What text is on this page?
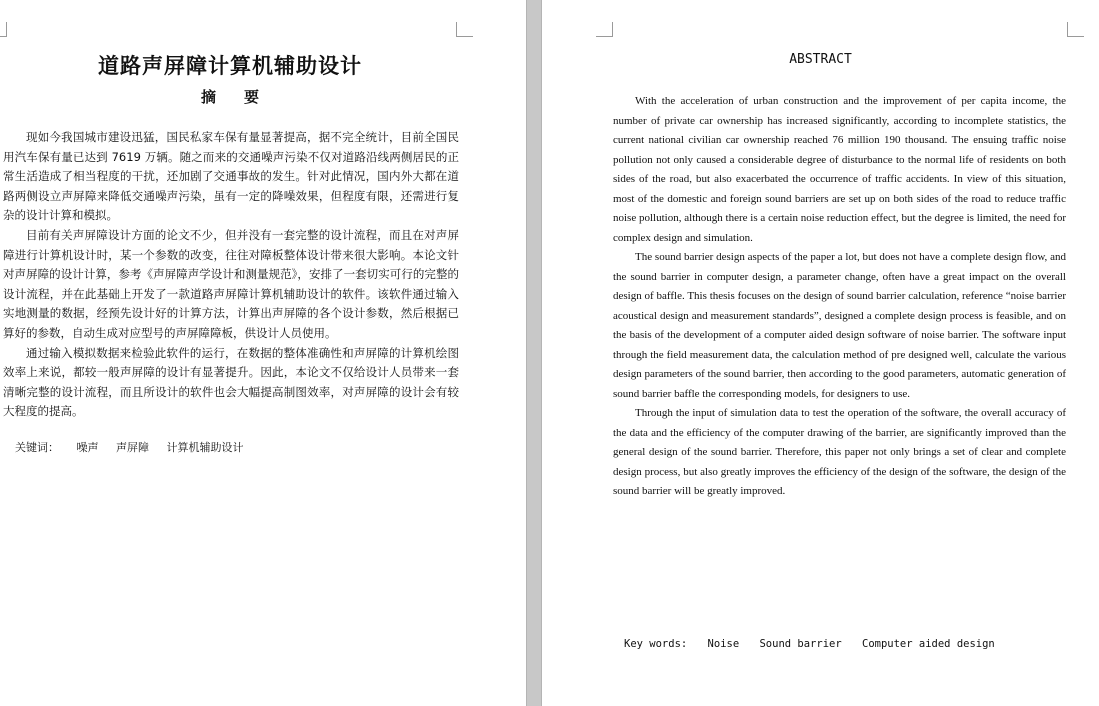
道路声屏障计算机辅助设计
摘要

现如今我国城市建设迅猛，国民私家车保有量显著提高，据不完全统计，目前全国民用汽车保有量已达到 7619 万辆。随之而来的交通噪声污染不仅对道路沿线两侧居民的正常生活造成了相当程度的干扰，还加剧了交通事故的发生。针对此情况，国内外大都在道路两侧设立声屏障来降低交通噪声污染，虽有一定的降噪效果，但程度有限，还需进行复杂的设计计算和模拟。

目前有关声屏障设计方面的论文不少，但并没有一套完整的设计流程，而且在对声屏障进行计算机设计时，某一个参数的改变，往往对障板整体设计带来很大影响。本论文针对声屏障的设计计算，参考《声屏障声学设计和测量规范》，安排了一套切实可行的完整的设计流程，并在此基础上开发了一款道路声屏障计算机辅助设计的软件。该软件通过输入实地测量的数据，经预先设计好的计算方法，计算出声屏障的各个设计参数，然后根据已算好的参数，自动生成对应型号的声屏障障板，供设计人员使用。

通过输入模拟数据来检验此软件的运行，在数据的整体准确性和声屏障的计算机绘图效率上来说，都较一般声屏障的设计有显著提升。因此，本论文不仅给设计人员带来一套清晰完整的设计流程，而且所设计的软件也会大幅提高制图效率，对声屏障的设计会有较大程度的提高。

关键词： 噪声 声屏障 计算机辅助设计
ABSTRACT

With the acceleration of urban construction and the improvement of per capita income, the number of private car ownership has increased significantly, according to incomplete statistics, the current national civilian car ownership reached 76 million 190 thousand. The ensuing traffic noise pollution not only caused a considerable degree of disturbance to the normal life of residents on both sides of the road, but also exacerbated the occurrence of traffic accidents. In view of this situation, most of the domestic and foreign sound barriers are set up on both sides of the road to reduce traffic noise pollution, although there is a certain noise reduction effect, but the degree is limited, the need for complex design and simulation.

The sound barrier design aspects of the paper a lot, but does not have a complete design flow, and the sound barrier in computer design, a parameter change, often have a great impact on the overall design of baffle. This thesis focuses on the design of sound barrier calculation, reference “noise barrier acoustical design and measurement standards”, designed a complete design process is feasible, and on the basis of the development of a computer aided design software of noise barrier. The software input through the field measurement data, the calculation method of pre designed well, calculate the various design parameters of the sound barrier, then according to the good parameters, automatic generation of sound barrier baffle the corresponding models, for designers to use.

Through the input of simulation data to test the operation of the software, the overall accuracy of the data and the efficiency of the computer drawing of the barrier, are significantly improved than the general design of the sound barrier. Therefore, this paper not only brings a set of clear and complete design process, but also greatly improves the efficiency of the design of the software, the design of the sound barrier will be greatly improved.

Key words: Noise Sound barrier Computer aided design
